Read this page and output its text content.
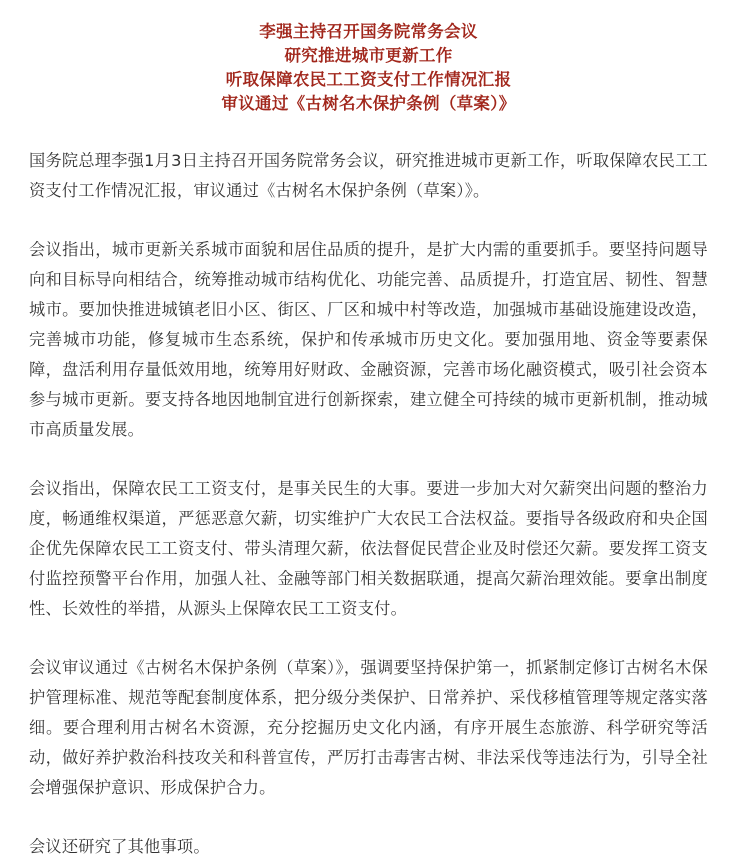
李强主持召开国务院常务会议
研究推进城市更新工作
听取保障农民工工资支付工作情况汇报
审议通过《古树名木保护条例（草案）》

国务院总理李强1月3日主持召开国务院常务会议，研究推进城市更新工作，听取保障农民工工资支付工作情况汇报，审议通过《古树名木保护条例（草案）》。

会议指出，城市更新关系城市面貌和居住品质的提升，是扩大内需的重要抓手。要坚持问题导向和目标导向相结合，统筹推动城市结构优化、功能完善、品质提升，打造宜居、韧性、智慧城市。要加快推进城镇老旧小区、街区、厂区和城中村等改造，加强城市基础设施建设改造，完善城市功能，修复城市生态系统，保护和传承城市历史文化。要加强用地、资金等要素保障，盘活利用存量低效用地，统筹用好财政、金融资源，完善市场化融资模式，吸引社会资本参与城市更新。要支持各地因地制宜进行创新探索，建立健全可持续的城市更新机制，推动城市高质量发展。

会议指出，保障农民工工资支付，是事关民生的大事。要进一步加大对欠薪突出问题的整治力度，畅通维权渠道，严惩恶意欠薪，切实维护广大农民工合法权益。要指导各级政府和央企国企优先保障农民工工资支付、带头清理欠薪，依法督促民营企业及时偿还欠薪。要发挥工资支付监控预警平台作用，加强人社、金融等部门相关数据联通，提高欠薪治理效能。要拿出制度性、长效性的举措，从源头上保障农民工工资支付。

会议审议通过《古树名木保护条例（草案）》，强调要坚持保护第一，抓紧制定修订古树名木保护管理标准、规范等配套制度体系，把分级分类保护、日常养护、采伐移植管理等规定落实落细。要合理利用古树名木资源，充分挖掘历史文化内涵，有序开展生态旅游、科学研究等活动，做好养护救治科技攻关和科普宣传，严厉打击毒害古树、非法采伐等违法行为，引导全社会增强保护意识、形成保护合力。

会议还研究了其他事项。
